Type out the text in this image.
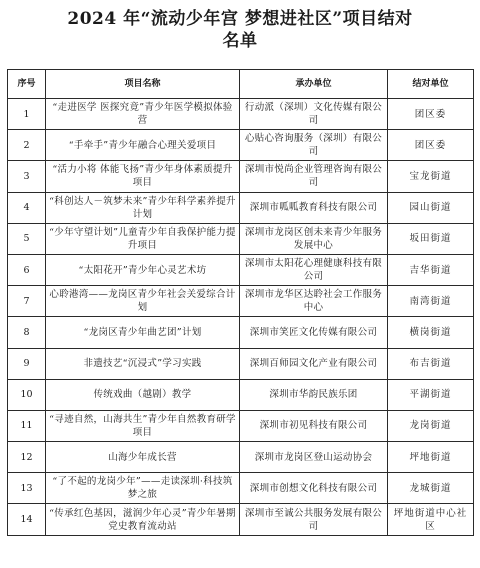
2024 年“流动少年宫 梦想进社区”项目结对
名单
序号	项目名称	承办单位	结对单位
1	“走进医学 医探究竟”青少年医学模拟体验营	行动派（深圳）文化传媒有限公司	团区委
2	“手牵手”青少年融合心理关爱项目	心贴心咨询服务（深圳）有限公司	团区委
3	“活力小将 体能飞扬”青少年身体素质提升项目	深圳市悦尚企业管理咨询有限公司	宝龙街道
4	“科创达人－筑梦未来”青少年科学素养提升计划	深圳市呱呱教育科技有限公司	园山街道
5	“少年守望计划”儿童青少年自我保护能力提升项目	深圳市龙岗区创未来青少年服务发展中心	坂田街道
6	“太阳花开”青少年心灵艺术坊	深圳市太阳花心理健康科技有限公司	吉华街道
7	心聆港湾——龙岗区青少年社会关爱综合计划	深圳市龙华区达聆社会工作服务中心	南湾街道
8	“龙岗区青少年曲艺团”计划	深圳市笑匠文化传媒有限公司	横岗街道
9	非遗技艺“沉浸式”学习实践	深圳百师园文化产业有限公司	布吉街道
10	传统戏曲（越剧）教学	深圳市华韵民族乐团	平湖街道
11	“寻迹自然，山海共生”青少年自然教育研学项目	深圳市初见科技有限公司	龙岗街道
12	山海少年成长营	深圳市龙岗区登山运动协会	坪地街道
13	“了不起的龙岗少年”——走读深圳·科技筑梦之旅	深圳市创想文化科技有限公司	龙城街道
14	“传承红色基因，滋润少年心灵”青少年暑期党史教育流动站	深圳市至诚公共服务发展有限公司	坪地街道中心社区
